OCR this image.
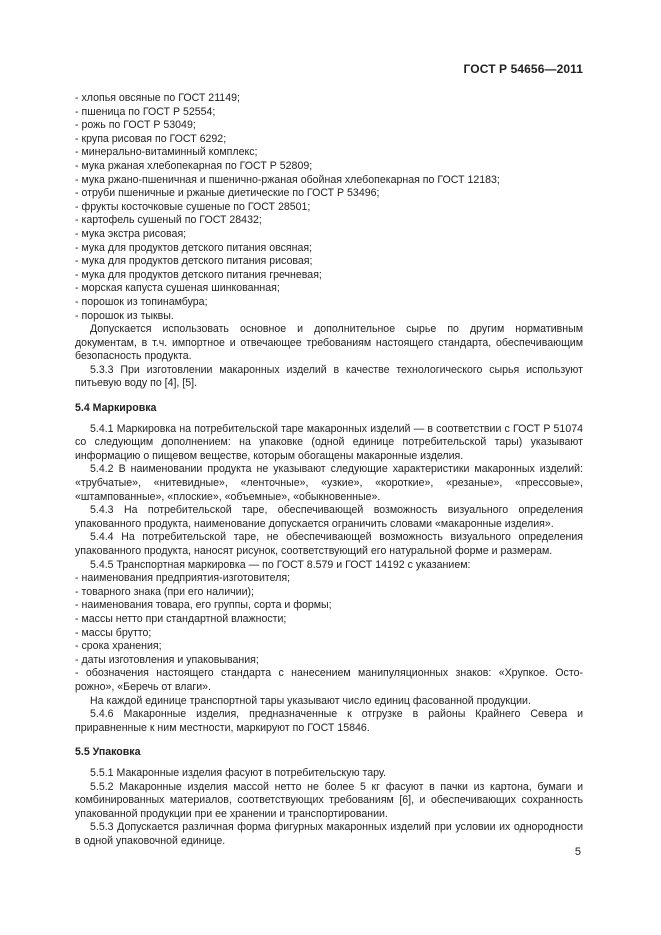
ГОСТ Р 54656—2011
- хлопья овсяные по ГОСТ 21149;
- пшеница по ГОСТ Р 52554;
- рожь по ГОСТ Р 53049;
- крупа рисовая по ГОСТ 6292;
- минерально-витаминный комплекс;
- мука ржаная хлебопекарная по ГОСТ Р 52809;
- мука ржано-пшеничная и пшенично-ржаная обойная хлебопекарная по ГОСТ 12183;
- отруби пшеничные и ржаные диетические по ГОСТ Р 53496;
- фрукты косточковые сушеные по ГОСТ 28501;
- картофель сушеный по ГОСТ 28432;
- мука экстра рисовая;
- мука для продуктов детского питания овсяная;
- мука для продуктов детского питания рисовая;
- мука для продуктов детского питания гречневая;
- морская капуста сушеная шинкованная;
- порошок из топинамбура;
- порошок из тыквы.

Допускается использовать основное и дополнительное сырье по другим нормативным документам, в т.ч. импортное и отвечающее требованиям настоящего стандарта, обеспечивающим безопасность продукта.

5.3.3 При изготовлении макаронных изделий в качестве технологического сырья используют питьевую воду по [4], [5].

5.4 Маркировка

5.4.1 Маркировка на потребительской таре макаронных изделий — в соответствии с ГОСТ Р 51074 со следующим дополнением: на упаковке (одной единице потребительской тары) указывают информацию о пищевом веществе, которым обогащены макаронные изделия.

5.4.2 В наименовании продукта не указывают следующие характеристики макаронных изделий: «трубчатые», «нитевидные», «ленточные», «узкие», «короткие», «резаные», «прессовые», «штампованные», «плоские», «объемные», «обыкновенные».

5.4.3 На потребительской таре, обеспечивающей возможность визуального определения упакованного продукта, наименование допускается ограничить словами «макаронные изделия».

5.4.4 На потребительской таре, не обеспечивающей возможность визуального определения упакованного продукта, наносят рисунок, соответствующий его натуральной форме и размерам.

5.4.5 Транспортная маркировка — по ГОСТ 8.579 и ГОСТ 14192 с указанием:

- наименования предприятия-изготовителя;
- товарного знака (при его наличии);
- наименования товара, его группы, сорта и формы;
- массы нетто при стандартной влажности;
- массы брутто;
- срока хранения;
- даты изготовления и упаковывания;
- обозначения настоящего стандарта с нанесением манипуляционных знаков: «Хрупкое. Осто-
рожно», «Беречь от влаги».

На каждой единице транспортной тары указывают число единиц фасованной продукции.

5.4.6 Макаронные изделия, предназначенные к отгрузке в районы Крайнего Севера и приравненные к ним местности, маркируют по ГОСТ 15846.

5.5 Упаковка

5.5.1 Макаронные изделия фасуют в потребительскую тару.

5.5.2 Макаронные изделия массой нетто не более 5 кг фасуют в пачки из картона, бумаги и комбинированных материалов, соответствующих требованиям [6], и обеспечивающих сохранность упакованной продукции при ее хранении и транспортировании.

5.5.3 Допускается различная форма фигурных макаронных изделий при условии их однородности в одной упаковочной единице.

5
